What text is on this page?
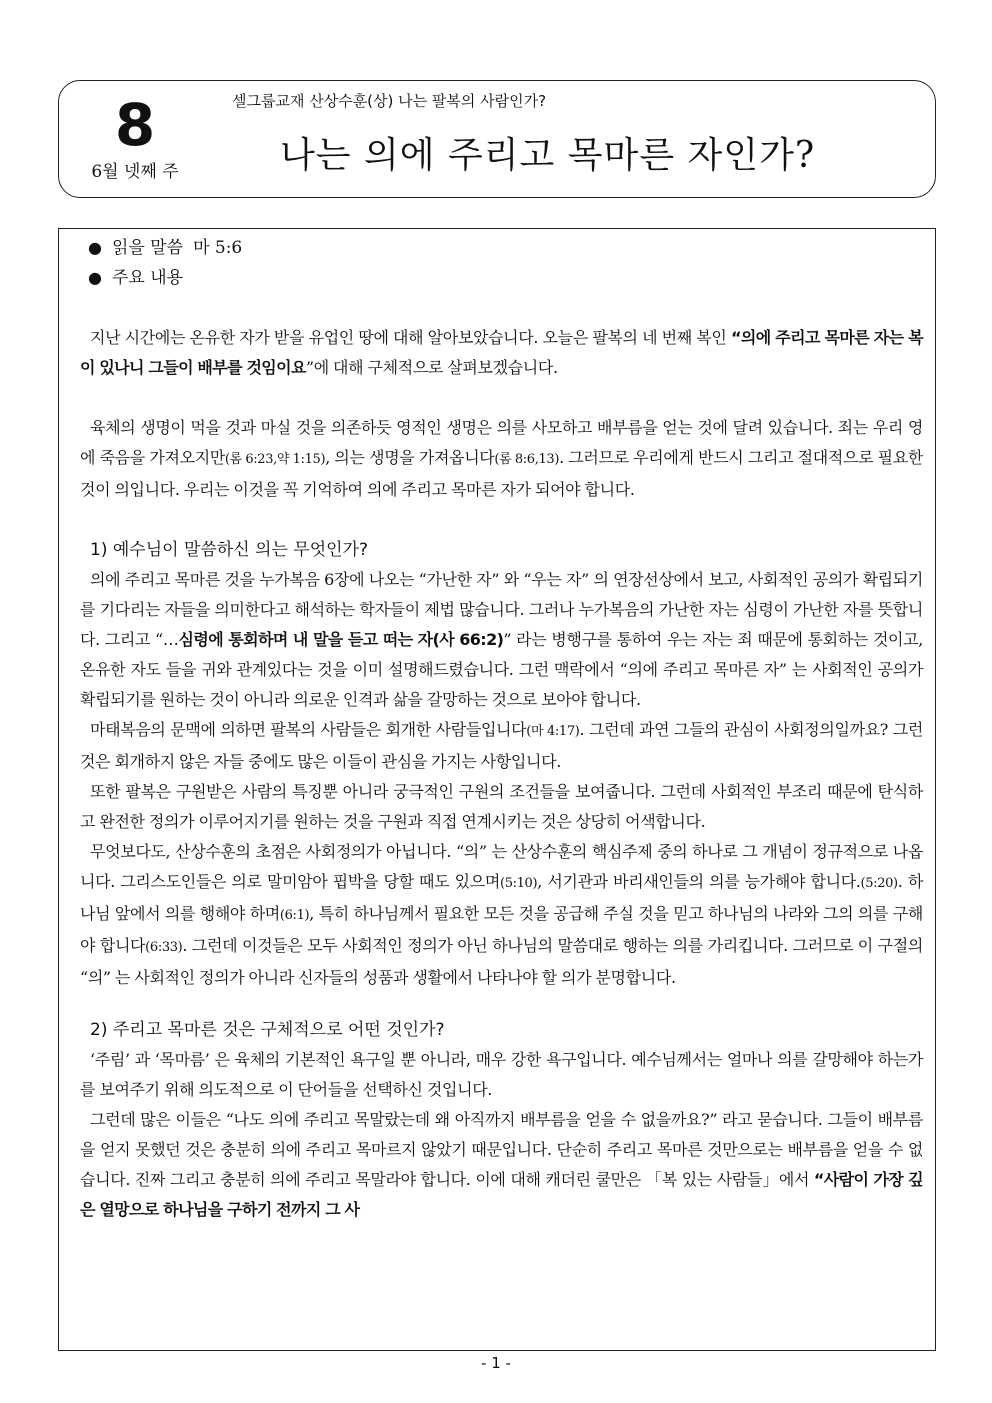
8
6월 넷째 주
셀그룹교재 산상수훈(상) 나는 팔복의 사람인가?
나는 의에 주리고 목마른 자인가?
● 읽을 말씀 마 5:6
● 주요 내용

지난 시간에는 온유한 자가 받을 유업인 땅에 대해 알아보았습니다. 오늘은 팔복의 네 번째 복인 “의에 주리고 목마른 자는 복이 있나니 그들이 배부를 것임이요”에 대해 구체적으로 살펴보겠습니다.

육체의 생명이 먹을 것과 마실 것을 의존하듯 영적인 생명은 의를 사모하고 배부름을 얻는 것에 달려 있습니다. 죄는 우리 영에 죽음을 가져오지만(롬 6:23,약 1:15), 의는 생명을 가져옵니다(롬 8:6,13). 그러므로 우리에게 반드시 그리고 절대적으로 필요한 것이 의입니다. 우리는 이것을 꼭 기억하여 의에 주리고 목마른 자가 되어야 합니다.

1) 예수님이 말씀하신 의는 무엇인가?

의에 주리고 목마른 것을 누가복음 6장에 나오는 “가난한 자” 와 “우는 자” 의 연장선상에서 보고, 사회적인 공의가 확립되기를 기다리는 자들을 의미한다고 해석하는 학자들이 제법 많습니다. 그러나 누가복음의 가난한 자는 심령이 가난한 자를 뜻합니다. 그리고 “…심령에 통회하며 내 말을 듣고 떠는 자(사 66:2)” 라는 병행구를 통하여 우는 자는 죄 때문에 통회하는 것이고, 온유한 자도 들을 귀와 관계있다는 것을 이미 설명해드렸습니다. 그런 맥락에서 “의에 주리고 목마른 자” 는 사회적인 공의가 확립되기를 원하는 것이 아니라 의로운 인격과 삶을 갈망하는 것으로 보아야 합니다.

마태복음의 문맥에 의하면 팔복의 사람들은 회개한 사람들입니다(마 4:17). 그런데 과연 그들의 관심이 사회정의일까요? 그런 것은 회개하지 않은 자들 중에도 많은 이들이 관심을 가지는 사항입니다.

또한 팔복은 구원받은 사람의 특징뿐 아니라 궁극적인 구원의 조건들을 보여줍니다. 그런데 사회적인 부조리 때문에 탄식하고 완전한 정의가 이루어지기를 원하는 것을 구원과 직접 연계시키는 것은 상당히 어색합니다.

무엇보다도, 산상수훈의 초점은 사회정의가 아닙니다. “의” 는 산상수훈의 핵심주제 중의 하나로 그 개념이 정규적으로 나옵니다. 그리스도인들은 의로 말미암아 핍박을 당할 때도 있으며(5:10), 서기관과 바리새인들의 의를 능가해야 합니다.(5:20). 하나님 앞에서 의를 행해야 하며(6:1), 특히 하나님께서 필요한 모든 것을 공급해 주실 것을 믿고 하나님의 나라와 그의 의를 구해야 합니다(6:33). 그런데 이것들은 모두 사회적인 정의가 아닌 하나님의 말씀대로 행하는 의를 가리킵니다. 그러므로 이 구절의 “의” 는 사회적인 정의가 아니라 신자들의 성품과 생활에서 나타나야 할 의가 분명합니다.

2) 주리고 목마른 것은 구체적으로 어떤 것인가?

‘주림’ 과 ‘목마름’ 은 육체의 기본적인 욕구일 뿐 아니라, 매우 강한 욕구입니다. 예수님께서는 얼마나 의를 갈망해야 하는가를 보여주기 위해 의도적으로 이 단어들을 선택하신 것입니다.

그런데 많은 이들은 “나도 의에 주리고 목말랐는데 왜 아직까지 배부름을 얻을 수 없을까요?” 라고 묻습니다. 그들이 배부름을 얻지 못했던 것은 충분히 의에 주리고 목마르지 않았기 때문입니다. 단순히 주리고 목마른 것만으로는 배부름을 얻을 수 없습니다. 진짜 그리고 충분히 의에 주리고 목말라야 합니다. 이에 대해 캐더린 쿨만은 「복 있는 사람들」에서 “사람이 가장 깊은 열망으로 하나님을 구하기 전까지 그 사

- 1 -
